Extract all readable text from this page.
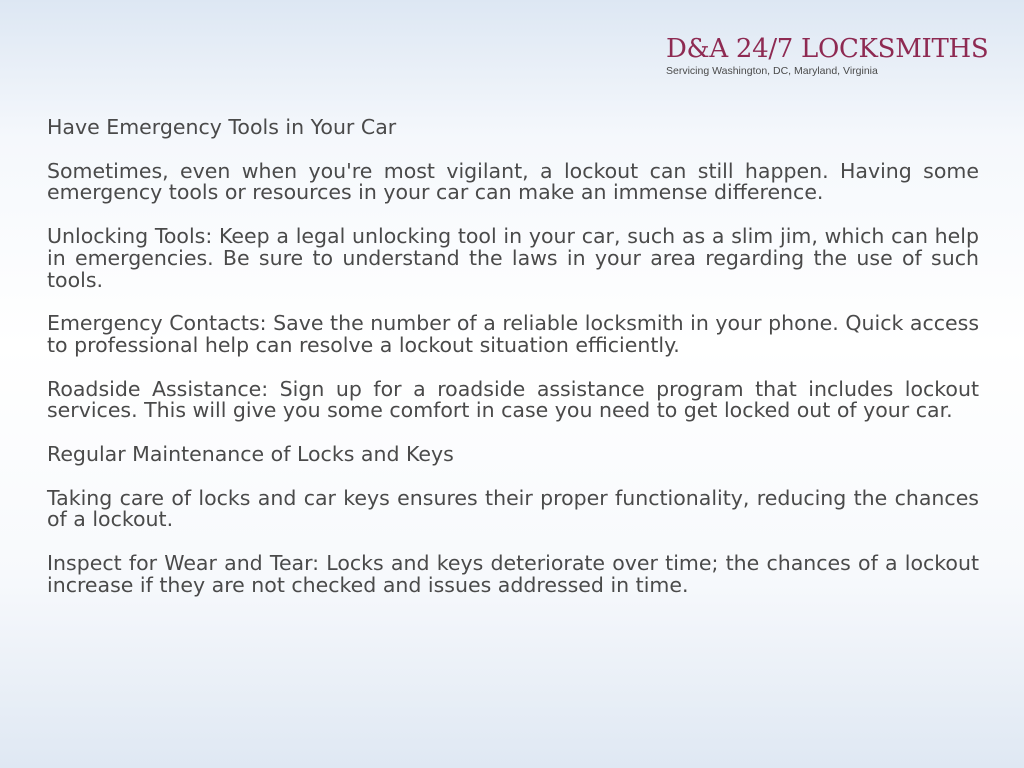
D&A 24/7 LOCKSMITHS
Servicing Washington, DC, Maryland, Virginia

Have Emergency Tools in Your Car

Sometimes, even when you're most vigilant, a lockout can still happen. Having some emergency tools or resources in your car can make an immense difference.

Unlocking Tools: Keep a legal unlocking tool in your car, such as a slim jim, which can help in emergencies. Be sure to understand the laws in your area regarding the use of such tools.

Emergency Contacts: Save the number of a reliable locksmith in your phone. Quick access to professional help can resolve a lockout situation efficiently.

Roadside Assistance: Sign up for a roadside assistance program that includes lockout services. This will give you some comfort in case you need to get locked out of your car.

Regular Maintenance of Locks and Keys

Taking care of locks and car keys ensures their proper functionality, reducing the chances of a lockout.

Inspect for Wear and Tear: Locks and keys deteriorate over time; the chances of a lockout increase if they are not checked and issues addressed in time.
